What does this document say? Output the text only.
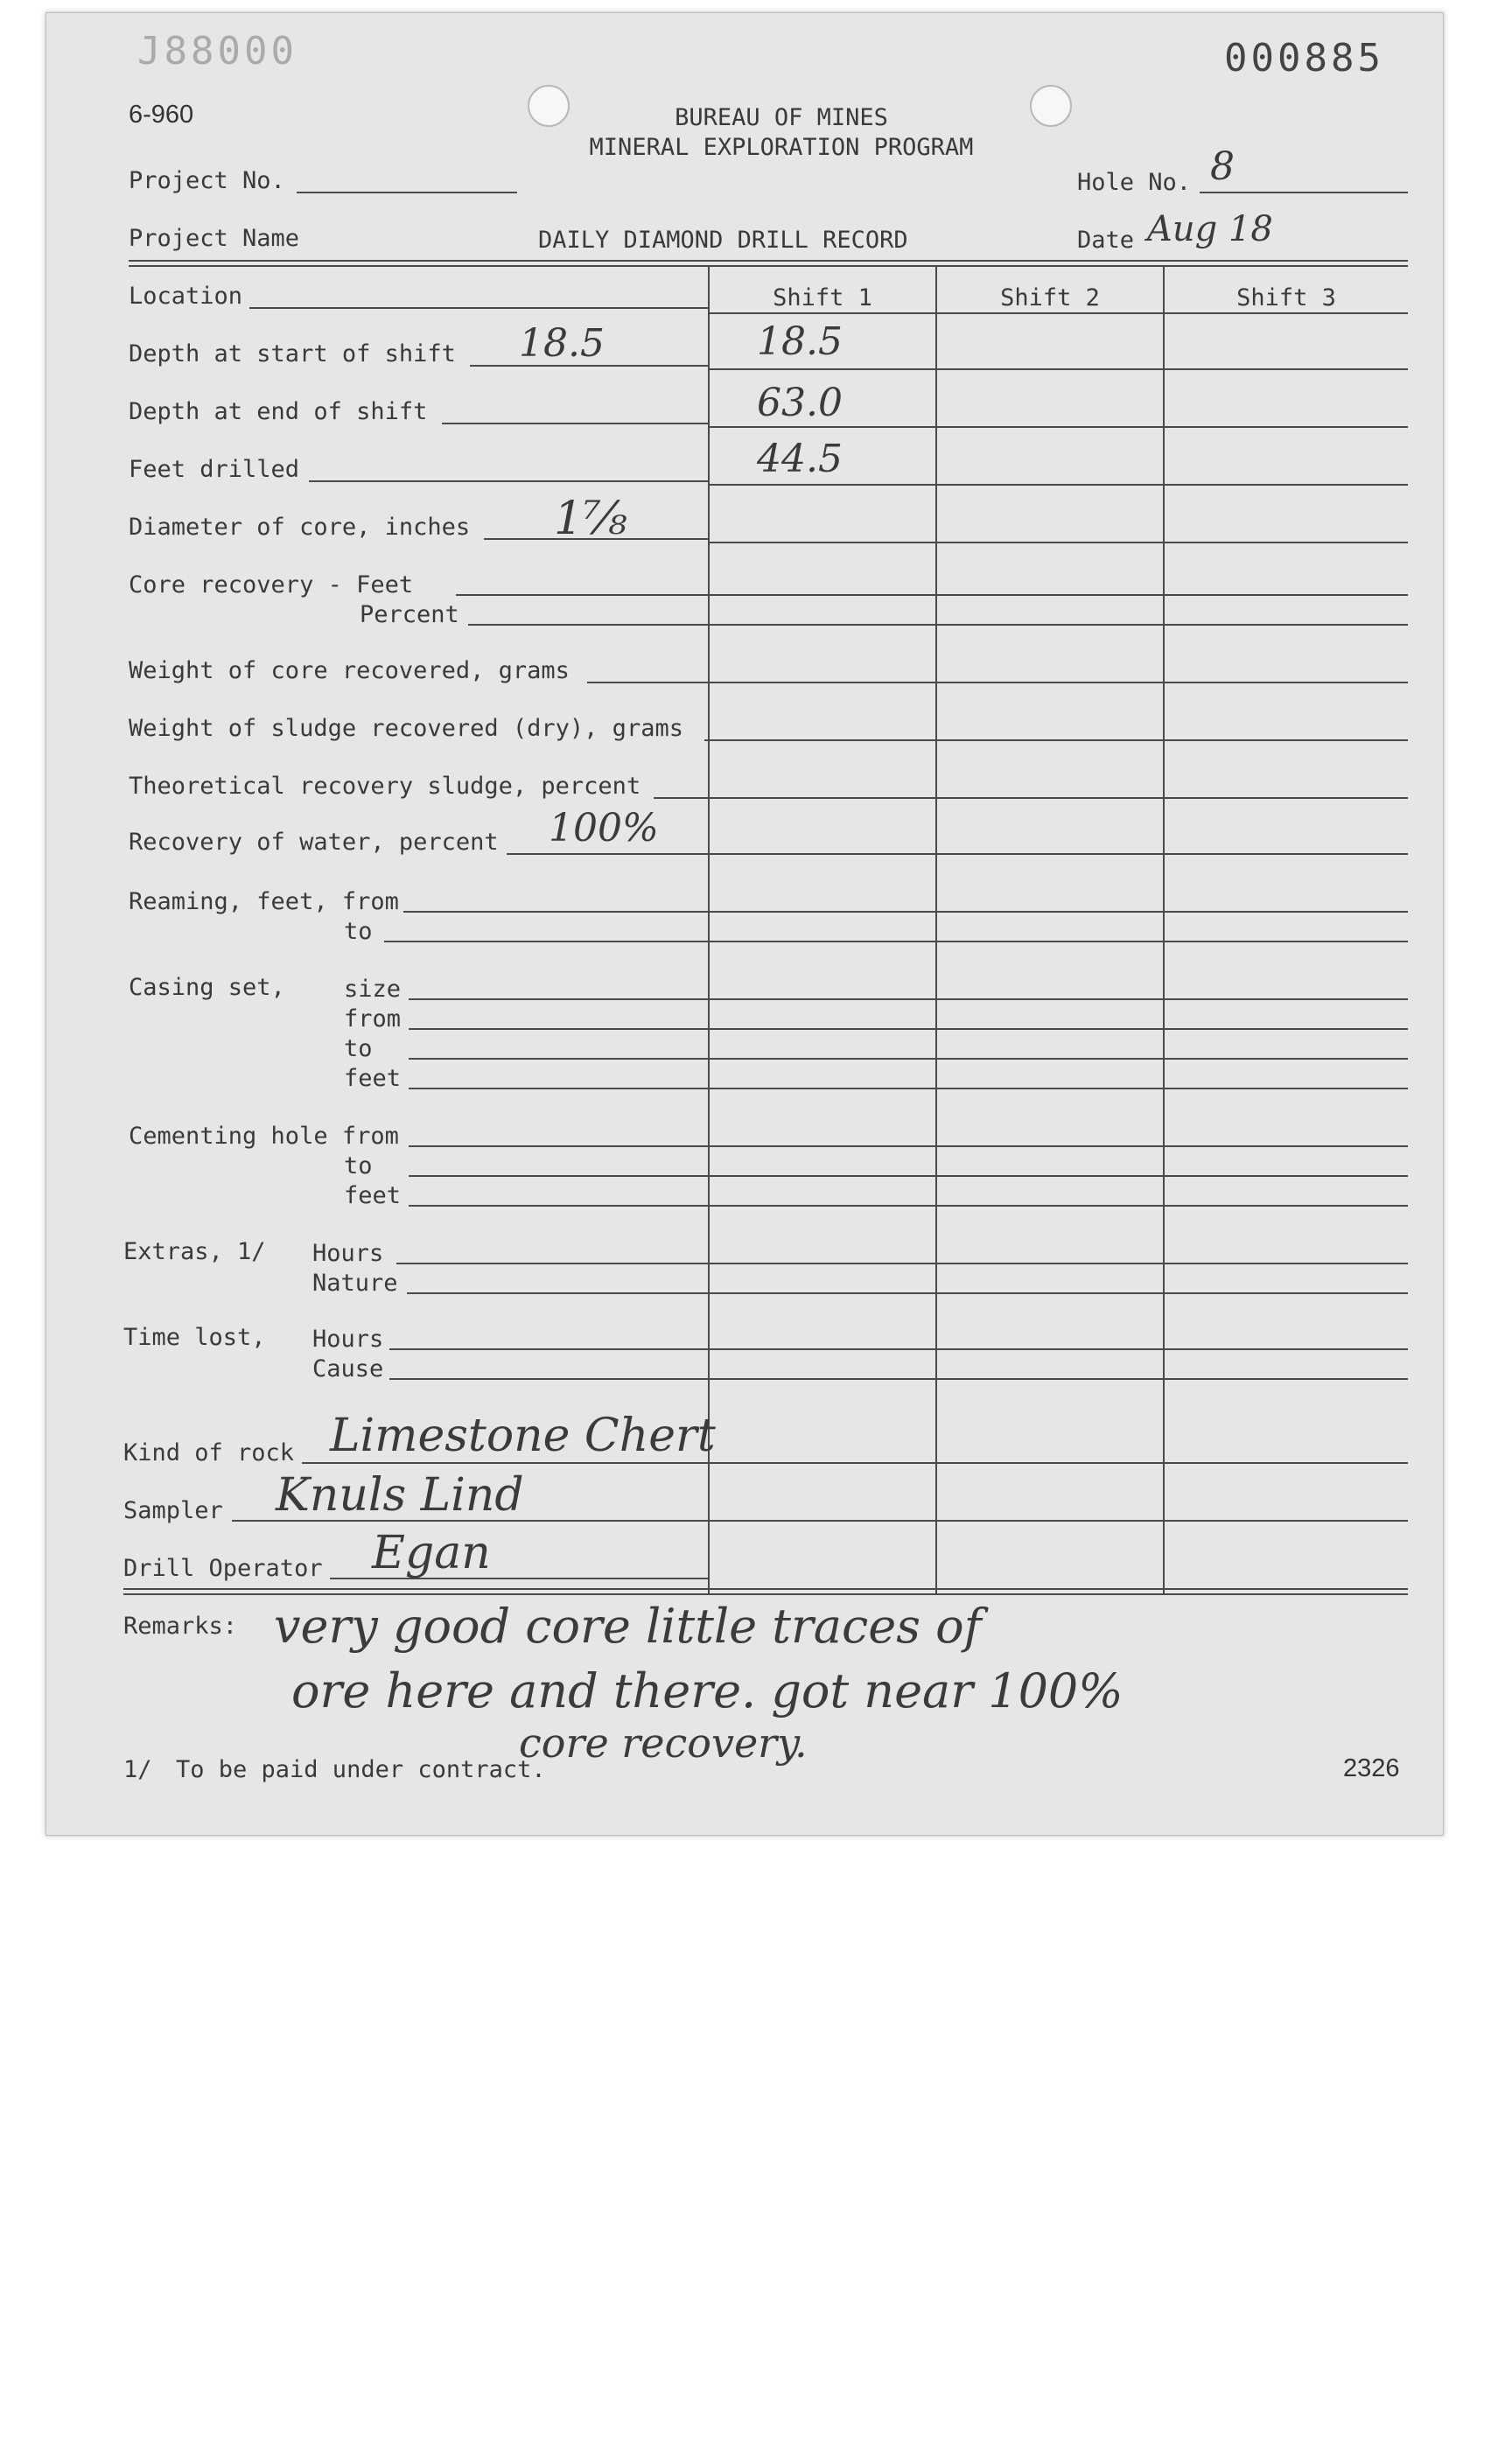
J88000	000885
6-960	BUREAU OF MINES
MINERAL EXPLORATION PROGRAM
Project No.	Hole No. 8
Project Name	DAILY DIAMOND DRILL RECORD	Date Aug 18
Location	Shift 1	Shift 2	Shift 3
Depth at start of shift 18.5	18.5
Depth at end of shift	63.0
Feet drilled	44.5
Diameter of core, inches 1⅞
Core recovery - Feet
Percent
Weight of core recovered, grams
Weight of sludge recovered (dry), grams
Theoretical recovery sludge, percent
Recovery of water, percent 100%
Reaming, feet, from
to
Casing set, size
from
to
feet
Cementing hole from
to
feet
Extras, 1/ Hours
Nature
Time lost, Hours
Cause
Kind of rock Limestone Chert
Sampler Knuls Lind
Drill Operator Egan
Remarks: very good core little traces of
ore here and there. got near 100%
core recovery.
1/ To be paid under contract.	2326
